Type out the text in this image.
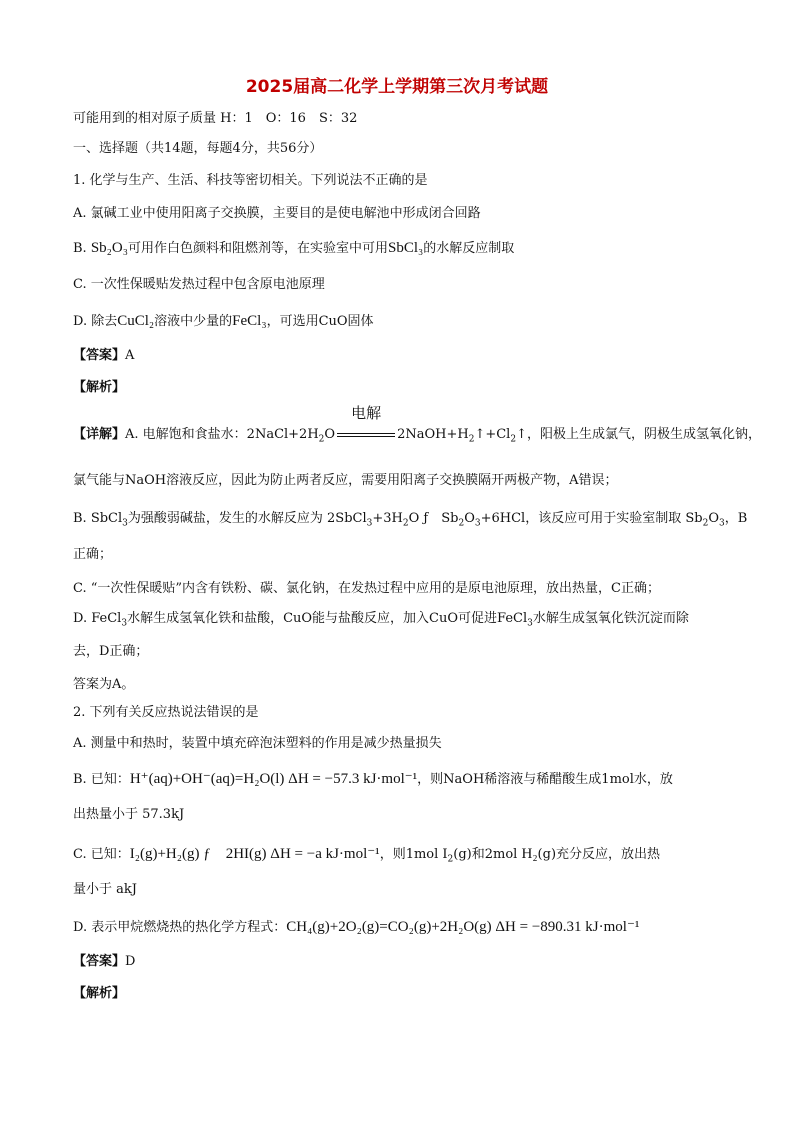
2025届高二化学上学期第三次月考试题
可能用到的相对原子质量 H：1　O：16　S：32
一、选择题（共14题，每题4分，共56分）
1. 化学与生产、生活、科技等密切相关。下列说法不正确的是
A. 氯碱工业中使用阳离子交换膜，主要目的是使电解池中形成闭合回路
B. Sb₂O₃可用作白色颜料和阻燃剂等，在实验室中可用SbCl₃的水解反应制取
C. 一次性保暖贴发热过程中包含原电池原理
D. 除去CuCl₂溶液中少量的FeCl₃，可选用CuO固体
【答案】A
【解析】
【详解】A. 电解饱和食盐水：$2NaCl+2H_2O$
电解
$2NaOH+H_2↑+Cl_2↑$，阳极上生成氯气，阴极生成氢氧化钠，
氯气能与NaOH溶液反应，因此为防止两者反应，需要用阳离子交换膜隔开两极产物，A错误；
B. SbCl$_3$为强酸弱碱盐，发生的水解反应为 $2SbCl_3+3H_2O$ ƒ　$Sb_2O_3+6HCl$，该反应可用于实验室制取 $Sb_2O_3$，B
正确；
C. “一次性保暖贴”内含有铁粉、碳、氯化钠，在发热过程中应用的是原电池原理，放出热量，C正确；
D. FeCl$_3$水解生成氢氧化铁和盐酸，CuO能与盐酸反应，加入CuO可促进FeCl$_3$水解生成氢氧化铁沉淀而除
去，D正确；
答案为A。
2. 下列有关反应热说法错误的是
A. 测量中和热时，装置中填充碎泡沫塑料的作用是减少热量损失
B. 已知：H⁺(aq)+OH⁻(aq)=H₂O(l) ΔH = −57.3 kJ·mol⁻¹，则NaOH稀溶液与稀醋酸生成1mol水，放
出热量小于 57.3kJ
C. 已知：I₂(g)+H₂(g) ƒ　2HI(g) ΔH = −a kJ·mol⁻¹，则1mol $I_2(g)$和2mol H₂(g)充分反应，放出热
量小于 akJ
D. 表示甲烷燃烧热的热化学方程式：CH₄(g)+2O₂(g)=CO₂(g)+2H₂O(g) ΔH = −890.31 kJ·mol⁻¹
【答案】D
【解析】
